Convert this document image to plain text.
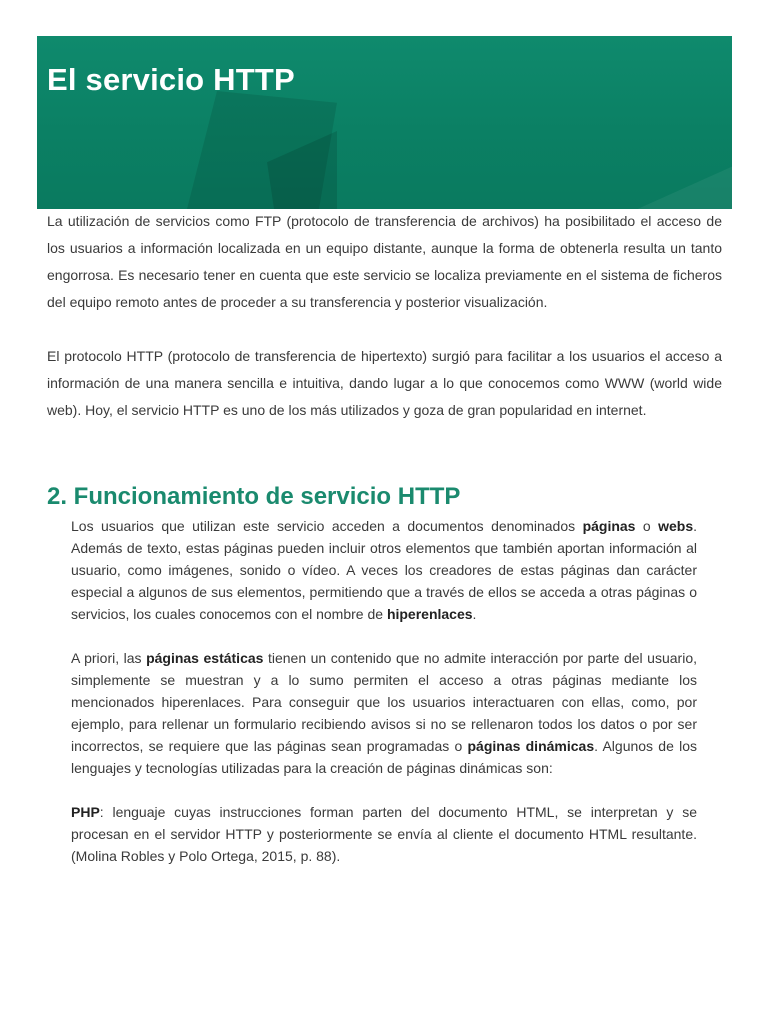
El servicio HTTP

La utilización de servicios como FTP (protocolo de transferencia de archivos) ha posibilitado el acceso de los usuarios a información localizada en un equipo distante, aunque la forma de obtenerla resulta un tanto engorrosa. Es necesario tener en cuenta que este servicio se localiza previamente en el sistema de ficheros del equipo remoto antes de proceder a su transferencia y posterior visualización.

El protocolo HTTP (protocolo de transferencia de hipertexto) surgió para facilitar a los usuarios el acceso a información de una manera sencilla e intuitiva, dando lugar a lo que conocemos como WWW (world wide web). Hoy, el servicio HTTP es uno de los más utilizados y goza de gran popularidad en internet.

2. Funcionamiento de servicio HTTP

Los usuarios que utilizan este servicio acceden a documentos denominados páginas o webs. Además de texto, estas páginas pueden incluir otros elementos que también aportan información al usuario, como imágenes, sonido o vídeo. A veces los creadores de estas páginas dan carácter especial a algunos de sus elementos, permitiendo que a través de ellos se acceda a otras páginas o servicios, los cuales conocemos con el nombre de hiperenlaces.

A priori, las páginas estáticas tienen un contenido que no admite interacción por parte del usuario, simplemente se muestran y a lo sumo permiten el acceso a otras páginas mediante los mencionados hiperenlaces. Para conseguir que los usuarios interactuaren con ellas, como, por ejemplo, para rellenar un formulario recibiendo avisos si no se rellenaron todos los datos o por ser incorrectos, se requiere que las páginas sean programadas o páginas dinámicas. Algunos de los lenguajes y tecnologías utilizadas para la creación de páginas dinámicas son:

PHP: lenguaje cuyas instrucciones forman parten del documento HTML, se interpretan y se procesan en el servidor HTTP y posteriormente se envía al cliente el documento HTML resultante. (Molina Robles y Polo Ortega, 2015, p. 88).
